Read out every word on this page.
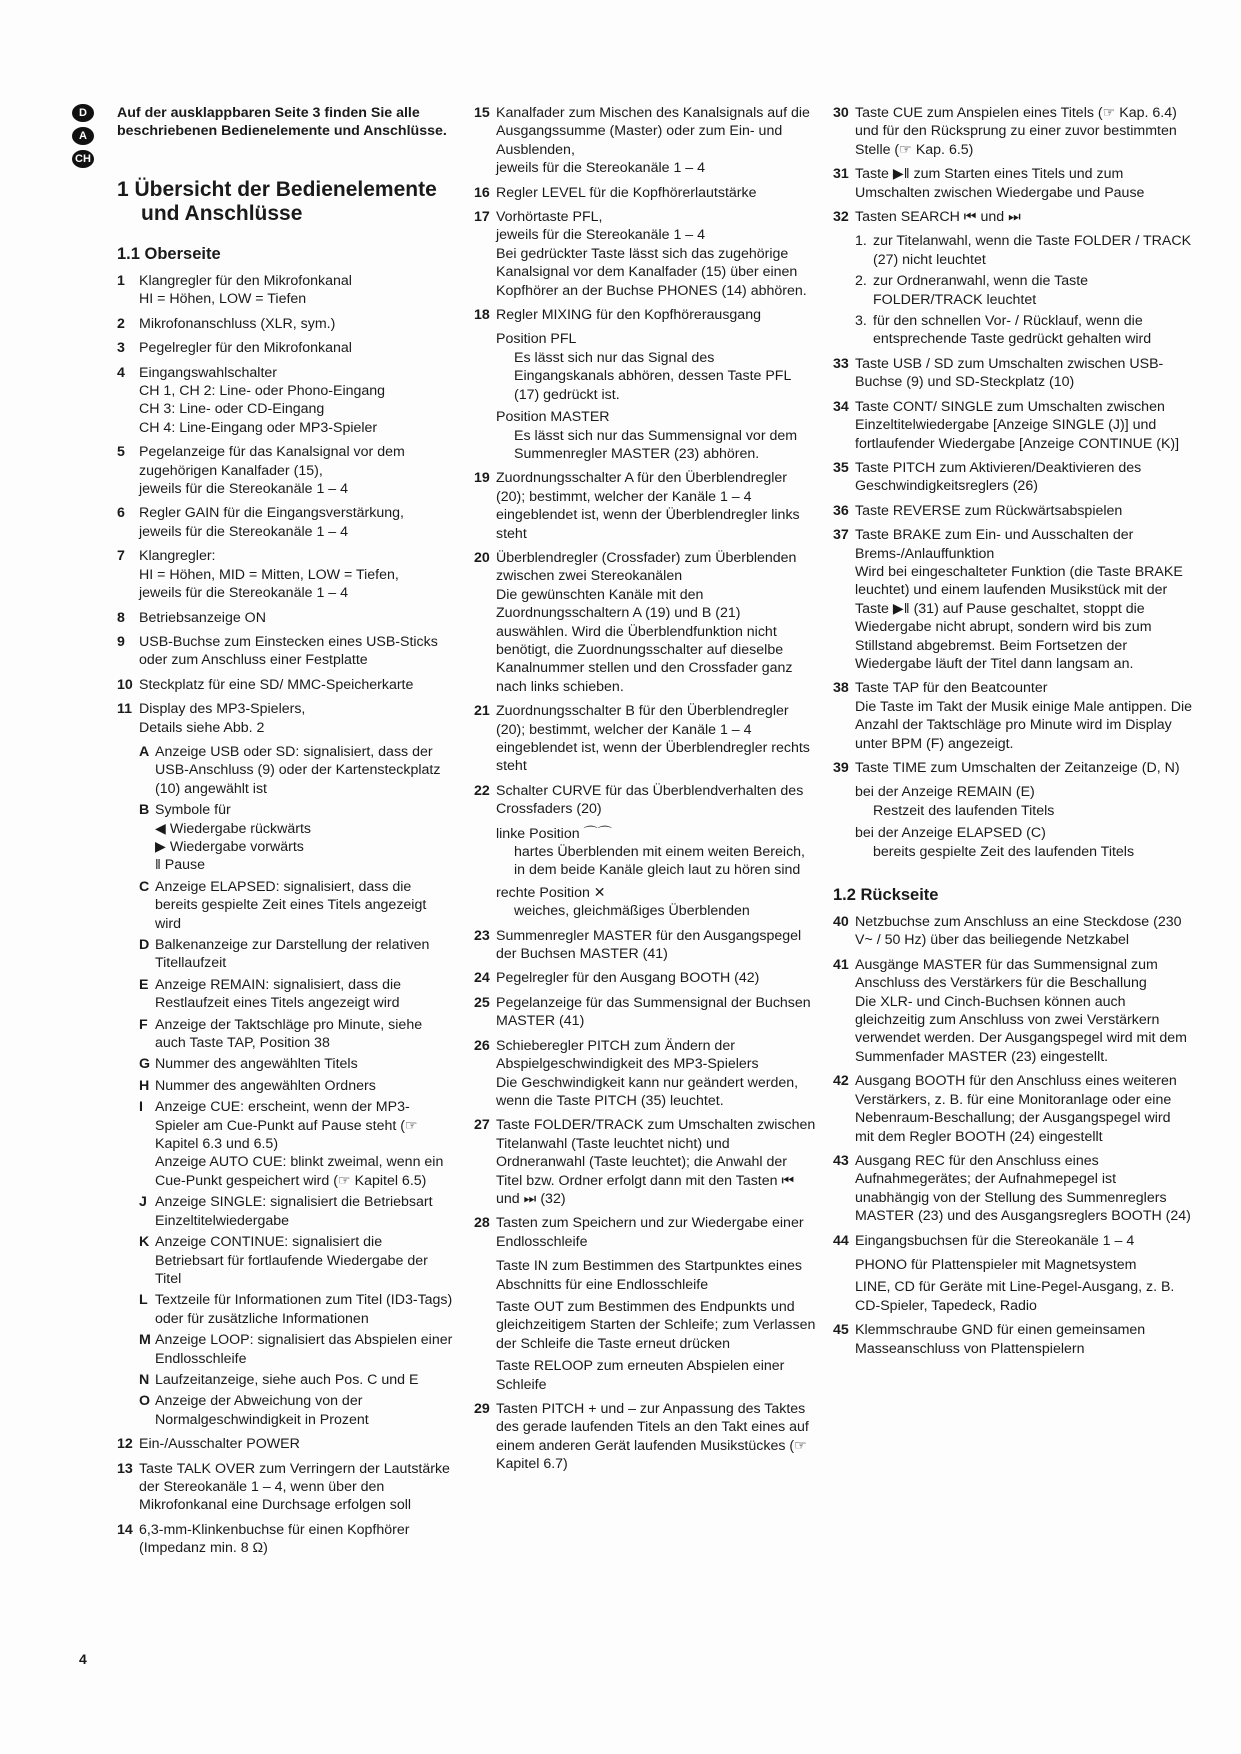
D
A
CH
Auf der ausklappbaren Seite 3 finden Sie alle beschriebenen Bedienelemente und Anschlüsse.
1 Übersicht der Bedienelemente und Anschlüsse
1.1 Oberseite
1 Klangregler für den Mikrofonkanal
HI = Höhen, LOW = Tiefen
2 Mikrofonanschluss (XLR, sym.)
3 Pegelregler für den Mikrofonkanal
4 Eingangswahlschalter
CH 1, CH 2: Line- oder Phono-Eingang
CH 3: Line- oder CD-Eingang
CH 4: Line-Eingang oder MP3-Spieler
5 Pegelanzeige für das Kanalsignal vor dem zugehörigen Kanalfader (15),
jeweils für die Stereokanäle 1 – 4
6 Regler GAIN für die Eingangsverstärkung,
jeweils für die Stereokanäle 1 – 4
7 Klangregler:
HI = Höhen, MID = Mitten, LOW = Tiefen,
jeweils für die Stereokanäle 1 – 4
8 Betriebsanzeige ON
9 USB-Buchse zum Einstecken eines USB-Sticks oder zum Anschluss einer Festplatte
10 Steckplatz für eine SD/ MMC-Speicherkarte
11 Display des MP3-Spielers,
Details siehe Abb. 2
A Anzeige USB oder SD: signalisiert, dass der USB-Anschluss (9) oder der Kartensteckplatz (10) angewählt ist
B Symbole für
◀ Wiedergabe rückwärts
▶ Wiedergabe vorwärts
‖ Pause
C Anzeige ELAPSED: signalisiert, dass die bereits gespielte Zeit eines Titels angezeigt wird
D Balkenanzeige zur Darstellung der relativen Titellaufzeit
E Anzeige REMAIN: signalisiert, dass die Restlaufzeit eines Titels angezeigt wird
F Anzeige der Taktschläge pro Minute, siehe auch Taste TAP, Position 38
G Nummer des angewählten Titels
H Nummer des angewählten Ordners
I Anzeige CUE: erscheint, wenn der MP3-Spieler am Cue-Punkt auf Pause steht (☞ Kapitel 6.3 und 6.5)
Anzeige AUTO CUE: blinkt zweimal, wenn ein Cue-Punkt gespeichert wird (☞ Kapitel 6.5)
J Anzeige SINGLE: signalisiert die Betriebsart Einzeltitelwiedergabe
K Anzeige CONTINUE: signalisiert die Betriebsart für fortlaufende Wiedergabe der Titel
L Textzeile für Informationen zum Titel (ID3-Tags) oder für zusätzliche Informationen
M Anzeige LOOP: signalisiert das Abspielen einer Endlosschleife
N Laufzeitanzeige, siehe auch Pos. C und E
O Anzeige der Abweichung von der Normalgeschwindigkeit in Prozent
12 Ein-/Ausschalter POWER
13 Taste TALK OVER zum Verringern der Lautstärke der Stereokanäle 1 – 4, wenn über den Mikrofonkanal eine Durchsage erfolgen soll
14 6,3-mm-Klinkenbuchse für einen Kopfhörer (Impedanz min. 8 Ω)
15 Kanalfader zum Mischen des Kanalsignals auf die Ausgangssumme (Master) oder zum Ein- und Ausblenden,
jeweils für die Stereokanäle 1 – 4
16 Regler LEVEL für die Kopfhörerlautstärke
17 Vorhörtaste PFL,
jeweils für die Stereokanäle 1 – 4
Bei gedrückter Taste lässt sich das zugehörige Kanalsignal vor dem Kanalfader (15) über einen Kopfhörer an der Buchse PHONES (14) abhören.
18 Regler MIXING für den Kopfhörerausgang
Position PFL
Es lässt sich nur das Signal des Eingangskanals abhören, dessen Taste PFL (17) gedrückt ist.
Position MASTER
Es lässt sich nur das Summensignal vor dem Summenregler MASTER (23) abhören.
19 Zuordnungsschalter A für den Überblendregler (20); bestimmt, welcher der Kanäle 1 – 4 eingeblendet ist, wenn der Überblendregler links steht
20 Überblendregler (Crossfader) zum Überblenden zwischen zwei Stereokanälen
Die gewünschten Kanäle mit den Zuordnungsschaltern A (19) und B (21) auswählen. Wird die Überblendfunktion nicht benötigt, die Zuordnungsschalter auf dieselbe Kanalnummer stellen und den Crossfader ganz nach links schieben.
21 Zuordnungsschalter B für den Überblendregler (20); bestimmt, welcher der Kanäle 1 – 4 eingeblendet ist, wenn der Überblendregler rechts steht
22 Schalter CURVE für das Überblendverhalten des Crossfaders (20)
linke Position ⌒⌒
hartes Überblenden mit einem weiten Bereich, in dem beide Kanäle gleich laut zu hören sind
rechte Position ✕
weiches, gleichmäßiges Überblenden
23 Summenregler MASTER für den Ausgangspegel der Buchsen MASTER (41)
24 Pegelregler für den Ausgang BOOTH (42)
25 Pegelanzeige für das Summensignal der Buchsen MASTER (41)
26 Schieberegler PITCH zum Ändern der Abspielgeschwindigkeit des MP3-Spielers
Die Geschwindigkeit kann nur geändert werden, wenn die Taste PITCH (35) leuchtet.
27 Taste FOLDER/TRACK zum Umschalten zwischen Titelanwahl (Taste leuchtet nicht) und Ordneranwahl (Taste leuchtet); die Anwahl der Titel bzw. Ordner erfolgt dann mit den Tasten ⏮ und ⏭ (32)
28 Tasten zum Speichern und zur Wiedergabe einer Endlosschleife
Taste IN zum Bestimmen des Startpunktes eines Abschnitts für eine Endlosschleife
Taste OUT zum Bestimmen des Endpunkts und gleichzeitigem Starten der Schleife; zum Verlassen der Schleife die Taste erneut drücken
Taste RELOOP zum erneuten Abspielen einer Schleife
29 Tasten PITCH + und – zur Anpassung des Taktes des gerade laufenden Titels an den Takt eines auf einem anderen Gerät laufenden Musikstückes (☞ Kapitel 6.7)
30 Taste CUE zum Anspielen eines Titels (☞ Kap. 6.4) und für den Rücksprung zu einer zuvor bestimmten Stelle (☞ Kap. 6.5)
31 Taste ▶‖ zum Starten eines Titels und zum Umschalten zwischen Wiedergabe und Pause
32 Tasten SEARCH ⏮ und ⏭
1. zur Titelanwahl, wenn die Taste FOLDER / TRACK (27) nicht leuchtet
2. zur Ordneranwahl, wenn die Taste FOLDER/TRACK leuchtet
3. für den schnellen Vor- / Rücklauf, wenn die entsprechende Taste gedrückt gehalten wird
33 Taste USB / SD zum Umschalten zwischen USB-Buchse (9) und SD-Steckplatz (10)
34 Taste CONT/ SINGLE zum Umschalten zwischen Einzeltitelwiedergabe [Anzeige SINGLE (J)] und fortlaufender Wiedergabe [Anzeige CONTINUE (K)]
35 Taste PITCH zum Aktivieren/Deaktivieren des Geschwindigkeitsreglers (26)
36 Taste REVERSE zum Rückwärtsabspielen
37 Taste BRAKE zum Ein- und Ausschalten der Brems-/Anlauffunktion
Wird bei eingeschalteter Funktion (die Taste BRAKE leuchtet) und einem laufenden Musikstück mit der Taste ▶‖ (31) auf Pause geschaltet, stoppt die Wiedergabe nicht abrupt, sondern wird bis zum Stillstand abgebremst. Beim Fortsetzen der Wiedergabe läuft der Titel dann langsam an.
38 Taste TAP für den Beatcounter
Die Taste im Takt der Musik einige Male antippen. Die Anzahl der Taktschläge pro Minute wird im Display unter BPM (F) angezeigt.
39 Taste TIME zum Umschalten der Zeitanzeige (D, N)
bei der Anzeige REMAIN (E)
Restzeit des laufenden Titels
bei der Anzeige ELAPSED (C)
bereits gespielte Zeit des laufenden Titels
1.2 Rückseite
40 Netzbuchse zum Anschluss an eine Steckdose (230 V~ / 50 Hz) über das beiliegende Netzkabel
41 Ausgänge MASTER für das Summensignal zum Anschluss des Verstärkers für die Beschallung
Die XLR- und Cinch-Buchsen können auch gleichzeitig zum Anschluss von zwei Verstärkern verwendet werden. Der Ausgangspegel wird mit dem Summenfader MASTER (23) eingestellt.
42 Ausgang BOOTH für den Anschluss eines weiteren Verstärkers, z. B. für eine Monitoranlage oder eine Nebenraum-Beschallung; der Ausgangspegel wird mit dem Regler BOOTH (24) eingestellt
43 Ausgang REC für den Anschluss eines Aufnahmegerätes; der Aufnahmepegel ist unabhängig von der Stellung des Summenreglers MASTER (23) und des Ausgangsreglers BOOTH (24)
44 Eingangsbuchsen für die Stereokanäle 1 – 4
PHONO für Plattenspieler mit Magnetsystem
LINE, CD für Geräte mit Line-Pegel-Ausgang, z. B. CD-Spieler, Tapedeck, Radio
45 Klemmschraube GND für einen gemeinsamen Masseanschluss von Plattenspielern
4
